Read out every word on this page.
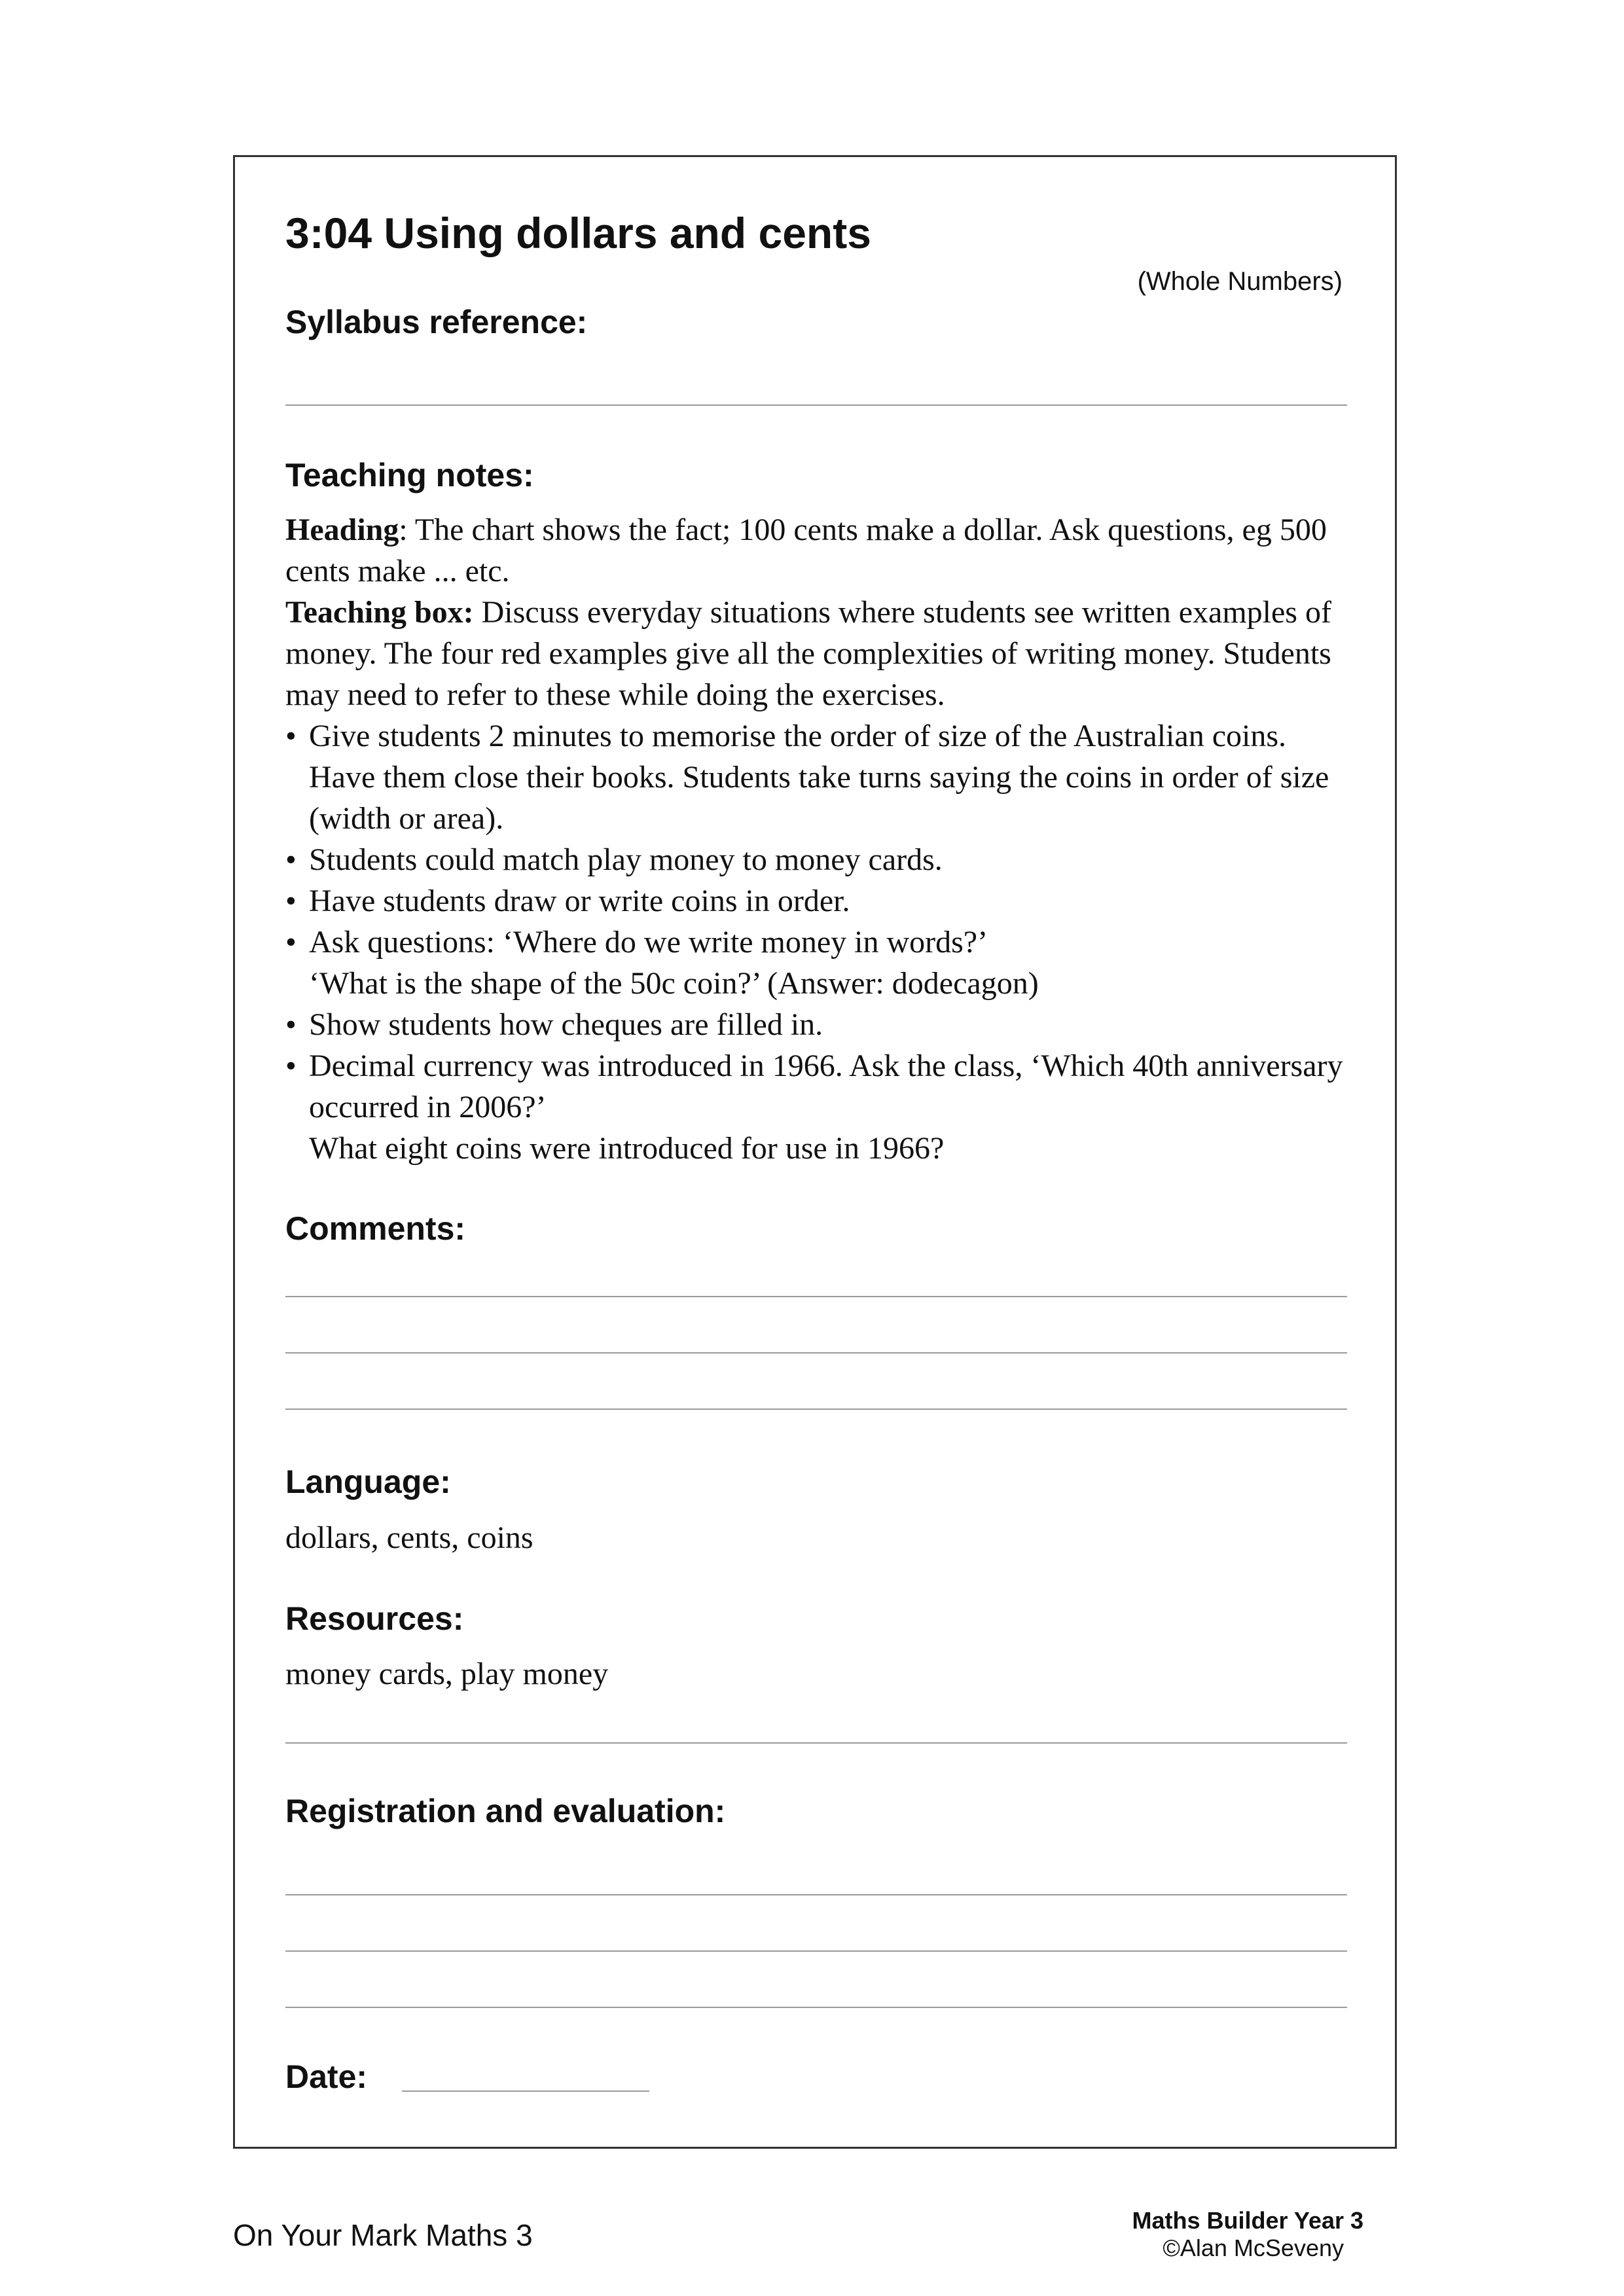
3:04 Using dollars and cents
(Whole Numbers)
Syllabus reference:
Teaching notes:

Heading: The chart shows the fact; 100 cents make a dollar. Ask questions, eg 500 cents make ... etc.

Teaching box: Discuss everyday situations where students see written examples of money. The four red examples give all the complexities of writing money. Students may need to refer to these while doing the exercises.

• Give students 2 minutes to memorise the order of size of the Australian coins. Have them close their books. Students take turns saying the coins in order of size (width or area).
• Students could match play money to money cards.
• Have students draw or write coins in order.
• Ask questions: ‘Where do we write money in words?’
‘What is the shape of the 50c coin?’ (Answer: dodecagon)
• Show students how cheques are filled in.
• Decimal currency was introduced in 1966. Ask the class, ‘Which 40th anniversary occurred in 2006?’
What eight coins were introduced for use in 1966?
Comments:
Language:
dollars, cents, coins
Resources:
money cards, play money
Registration and evaluation:
Date:
On Your Mark Maths 3	Maths Builder Year 3
©Alan McSeveny
